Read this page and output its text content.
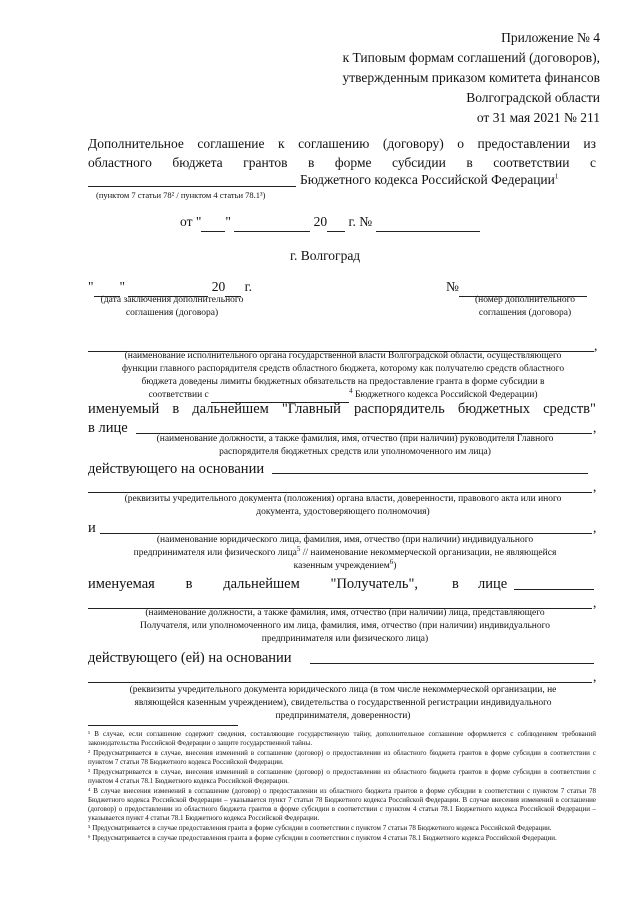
Приложение № 4
к Типовым формам соглашений (договоров),
утвержденным приказом комитета финансов
Волгоградской области
от 31 мая 2021 № 211
Дополнительное соглашение к соглашению (договору) о предоставлении из
областного бюджета грантов в форме субсидии в соответствии с
Бюджетного кодекса Российской Федерации$^1$
(пунктом 7 статьи 78² / пунктом 4 статьи 78.1³)
от " "	20 г. №
г. Волгоград
" "	20 г.	№
(дата заключения дополнительного
соглашения (договора)
(номер дополнительного
соглашения (договора)
,
(наименование исполнительного органа государственной власти Волгоградской области, осуществляющего
функции главного распорядителя средств областного бюджета, которому как получателю средств областного
бюджета доведены лимиты бюджетных обязательств на предоставление гранта в форме субсидии в
соответствии с	$^4$ Бюджетного кодекса Российской Федерации)
именуемый в дальнейшем "Главный распорядитель бюджетных средств"
в лице	,
(наименование должности, а также фамилия, имя, отчество (при наличии) руководителя Главного
распорядителя бюджетных средств или уполномоченного им лица)
действующего на основании
,
(реквизиты учредительного документа (положения) органа власти, доверенности, правового акта или иного
документа, удостоверяющего полномочия)
и	,
(наименование юридического лица, фамилия, имя, отчество (при наличии) индивидуального
предпринимателя или физического лица$^5$ // наименование некоммерческой организации, не являющейся
казенным учреждением$^6$)
именуемая в дальнейшем "Получатель", в лице
,
(наименование должности, а также фамилия, имя, отчество (при наличии) лица, представляющего
Получателя, или уполномоченного им лица, фамилия, имя, отчество (при наличии) индивидуального
предпринимателя или физического лица)
действующего (ей) на основании
,
(реквизиты учредительного документа юридического лица (в том числе некоммерческой организации, не
являющейся казенным учреждением), свидетельства о государственной регистрации индивидуального
предпринимателя, доверенности)
¹ В случае, если соглашение содержит сведения, составляющие государственную тайну, дополнительное соглашение оформляется с соблюдением требований законодательства Российской Федерации о защите государственной тайны.
² Предусматривается в случае, внесения изменений в соглашение (договор) о предоставлении из областного бюджета грантов в форме субсидии в соответствии с пунктом 7 статьи 78 Бюджетного кодекса Российской Федерации.
³ Предусматривается в случае, внесения изменений в соглашение (договор) о предоставлении из областного бюджета грантов в форме субсидии в соответствии с пунктом 4 статьи 78.1 Бюджетного кодекса Российской Федерации.
⁴ В случае внесения изменений в соглашение (договор) о предоставлении из областного бюджета грантов в форме субсидии в соответствии с пунктом 7 статьи 78 Бюджетного кодекса Российской Федерации – указывается пункт 7 статьи 78 Бюджетного кодекса Российской Федерации. В случае внесения изменений в соглашение (договор) о предоставлении из областного бюджета грантов в форме субсидии в соответствии с пунктом 4 статьи 78.1 Бюджетного кодекса Российской Федерации – указывается пункт 4 статьи 78.1 Бюджетного кодекса Российской Федерации.
⁵ Предусматривается в случае предоставления гранта в форме субсидии в соответствии с пунктом 7 статьи 78 Бюджетного кодекса Российской Федерации.
⁶ Предусматривается в случае предоставления гранта в форме субсидии в соответствии с пунктом 4 статьи 78.1 Бюджетного кодекса Российской Федерации.
